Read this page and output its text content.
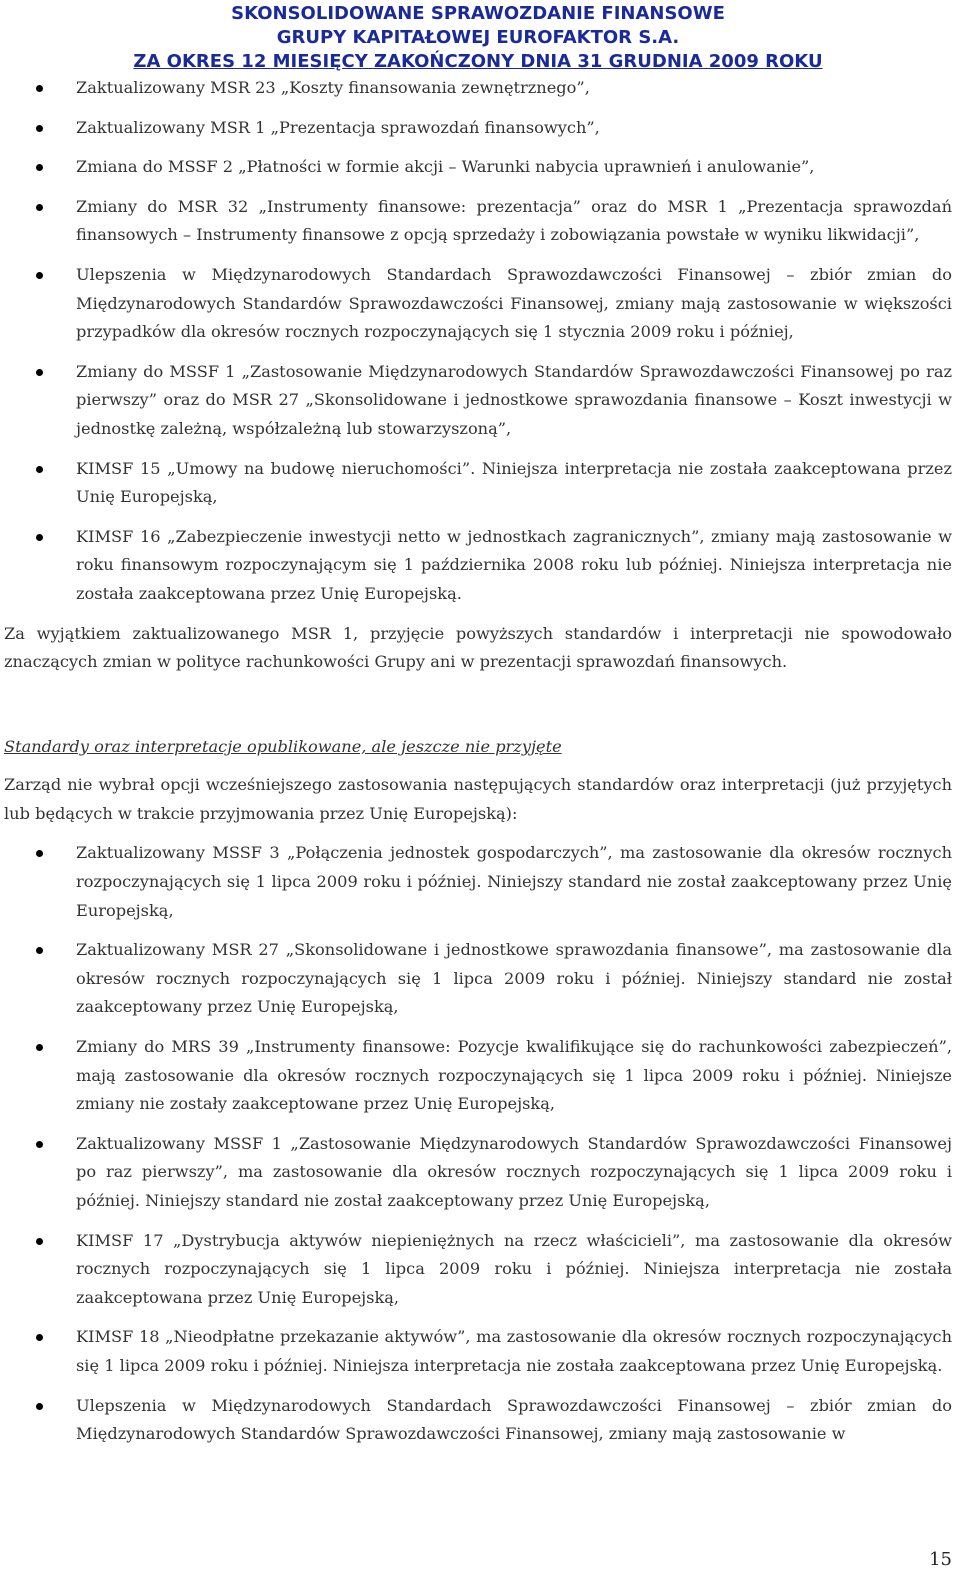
SKONSOLIDOWANE SPRAWOZDANIE FINANSOWE
GRUPY KAPITAŁOWEJ EUROFAKTOR S.A.
ZA OKRES 12 MIESIĘCY ZAKOŃCZONY DNIA 31 GRUDNIA 2009 ROKU
Zaktualizowany MSR 23 „Koszty finansowania zewnętrznego”,
Zaktualizowany MSR 1 „Prezentacja sprawozdań finansowych”,
Zmiana do MSSF 2 „Płatności w formie akcji – Warunki nabycia uprawnień i anulowanie”,
Zmiany do MSR 32 „Instrumenty finansowe: prezentacja” oraz do MSR 1 „Prezentacja sprawozdań finansowych – Instrumenty finansowe z opcją sprzedaży i zobowiązania powstałe w wyniku likwidacji”,
Ulepszenia w Międzynarodowych Standardach Sprawozdawczości Finansowej – zbiór zmian do Międzynarodowych Standardów Sprawozdawczości Finansowej, zmiany mają zastosowanie w większości przypadków dla okresów rocznych rozpoczynających się 1 stycznia 2009 roku i później,
Zmiany do MSSF 1 „Zastosowanie Międzynarodowych Standardów Sprawozdawczości Finansowej po raz pierwszy” oraz do MSR 27 „Skonsolidowane i jednostkowe sprawozdania finansowe – Koszt inwestycji w jednostkę zależną, współzależną lub stowarzyszoną”,
KIMSF 15 „Umowy na budowę nieruchomości”. Niniejsza interpretacja nie została zaakceptowana przez Unię Europejską,
KIMSF 16 „Zabezpieczenie inwestycji netto w jednostkach zagranicznych”, zmiany mają zastosowanie w roku finansowym rozpoczynającym się 1 października 2008 roku lub później. Niniejsza interpretacja nie została zaakceptowana przez Unię Europejską.

Za wyjątkiem zaktualizowanego MSR 1, przyjęcie powyższych standardów i interpretacji nie spowodowało znaczących zmian w polityce rachunkowości Grupy ani w prezentacji sprawozdań finansowych.

Standardy oraz interpretacje opublikowane, ale jeszcze nie przyjęte

Zarząd nie wybrał opcji wcześniejszego zastosowania następujących standardów oraz interpretacji (już przyjętych lub będących w trakcie przyjmowania przez Unię Europejską):

Zaktualizowany MSSF 3 „Połączenia jednostek gospodarczych”, ma zastosowanie dla okresów rocznych rozpoczynających się 1 lipca 2009 roku i później. Niniejszy standard nie został zaakceptowany przez Unię Europejską,
Zaktualizowany MSR 27 „Skonsolidowane i jednostkowe sprawozdania finansowe”, ma zastosowanie dla okresów rocznych rozpoczynających się 1 lipca 2009 roku i później. Niniejszy standard nie został zaakceptowany przez Unię Europejską,
Zmiany do MRS 39 „Instrumenty finansowe: Pozycje kwalifikujące się do rachunkowości zabezpieczeń”, mają zastosowanie dla okresów rocznych rozpoczynających się 1 lipca 2009 roku i później. Niniejsze zmiany nie zostały zaakceptowane przez Unię Europejską,
Zaktualizowany MSSF 1 „Zastosowanie Międzynarodowych Standardów Sprawozdawczości Finansowej po raz pierwszy”, ma zastosowanie dla okresów rocznych rozpoczynających się 1 lipca 2009 roku i później. Niniejszy standard nie został zaakceptowany przez Unię Europejską,
KIMSF 17 „Dystrybucja aktywów niepieniężnych na rzecz właścicieli”, ma zastosowanie dla okresów rocznych rozpoczynających się 1 lipca 2009 roku i później. Niniejsza interpretacja nie została zaakceptowana przez Unię Europejską,
KIMSF 18 „Nieodpłatne przekazanie aktywów”, ma zastosowanie dla okresów rocznych rozpoczynających się 1 lipca 2009 roku i później. Niniejsza interpretacja nie została zaakceptowana przez Unię Europejską.
Ulepszenia w Międzynarodowych Standardach Sprawozdawczości Finansowej – zbiór zmian do Międzynarodowych Standardów Sprawozdawczości Finansowej, zmiany mają zastosowanie w
15
